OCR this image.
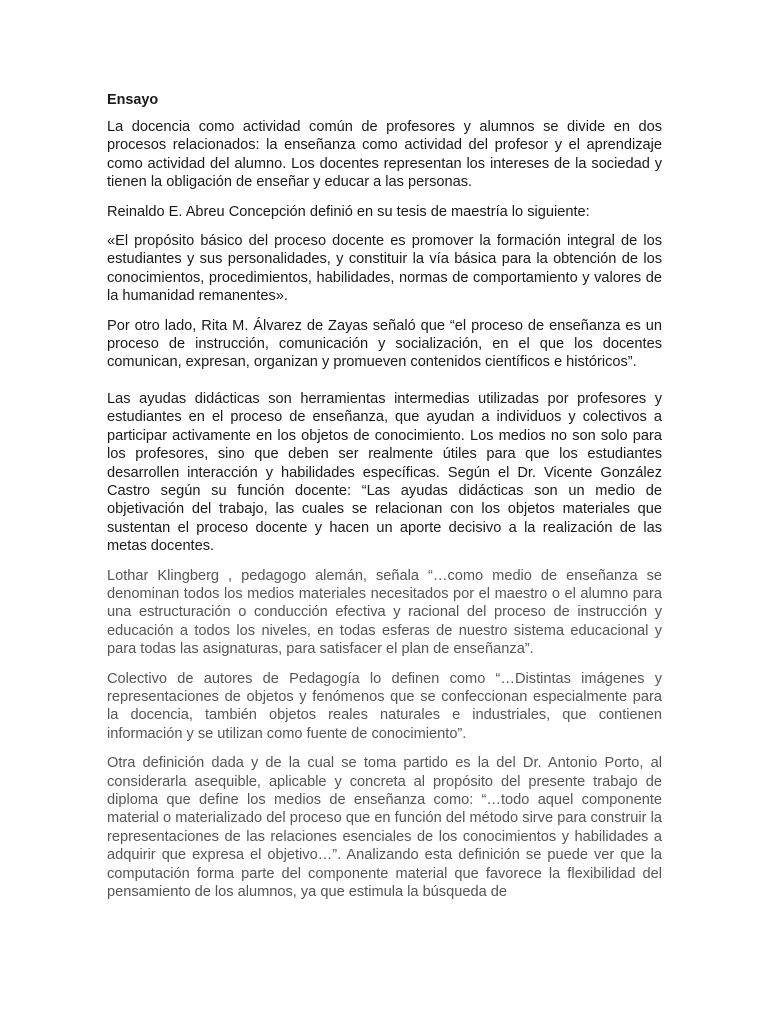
Ensayo

La docencia como actividad común de profesores y alumnos se divide en dos procesos relacionados: la enseñanza como actividad del profesor y el aprendizaje como actividad del alumno. Los docentes representan los intereses de la sociedad y tienen la obligación de enseñar y educar a las personas.

Reinaldo E. Abreu Concepción definió en su tesis de maestría lo siguiente:

«El propósito básico del proceso docente es promover la formación integral de los estudiantes y sus personalidades, y constituir la vía básica para la obtención de los conocimientos, procedimientos, habilidades, normas de comportamiento y valores de la humanidad remanentes».

Por otro lado, Rita M. Álvarez de Zayas señaló que “el proceso de enseñanza es un proceso de instrucción, comunicación y socialización, en el que los docentes comunican, expresan, organizan y promueven contenidos científicos e históricos”.

Las ayudas didácticas son herramientas intermedias utilizadas por profesores y estudiantes en el proceso de enseñanza, que ayudan a individuos y colectivos a participar activamente en los objetos de conocimiento. Los medios no son solo para los profesores, sino que deben ser realmente útiles para que los estudiantes desarrollen interacción y habilidades específicas. Según el Dr. Vicente González Castro según su función docente: “Las ayudas didácticas son un medio de objetivación del trabajo, las cuales se relacionan con los objetos materiales que sustentan el proceso docente y hacen un aporte decisivo a la realización de las metas docentes.

Lothar Klingberg , pedagogo alemán, señala “…como medio de enseñanza se denominan todos los medios materiales necesitados por el maestro o el alumno para una estructuración o conducción efectiva y racional del proceso de instrucción y educación a todos los niveles, en todas esferas de nuestro sistema educacional y para todas las asignaturas, para satisfacer el plan de enseñanza”.

Colectivo de autores de Pedagogía lo definen como “…Distintas imágenes y representaciones de objetos y fenómenos que se confeccionan especialmente para la docencia, también objetos reales naturales e industriales, que contienen información y se utilizan como fuente de conocimiento”.

Otra definición dada y de la cual se toma partido es la del Dr. Antonio Porto, al considerarla asequible, aplicable y concreta al propósito del presente trabajo de diploma que define los medios de enseñanza como: “…todo aquel componente material o materializado del proceso que en función del método sirve para construir la representaciones de las relaciones esenciales de los conocimientos y habilidades a adquirir que expresa el objetivo…”. Analizando esta definición se puede ver que la computación forma parte del componente material que favorece la flexibilidad del pensamiento de los alumnos, ya que estimula la búsqueda de
